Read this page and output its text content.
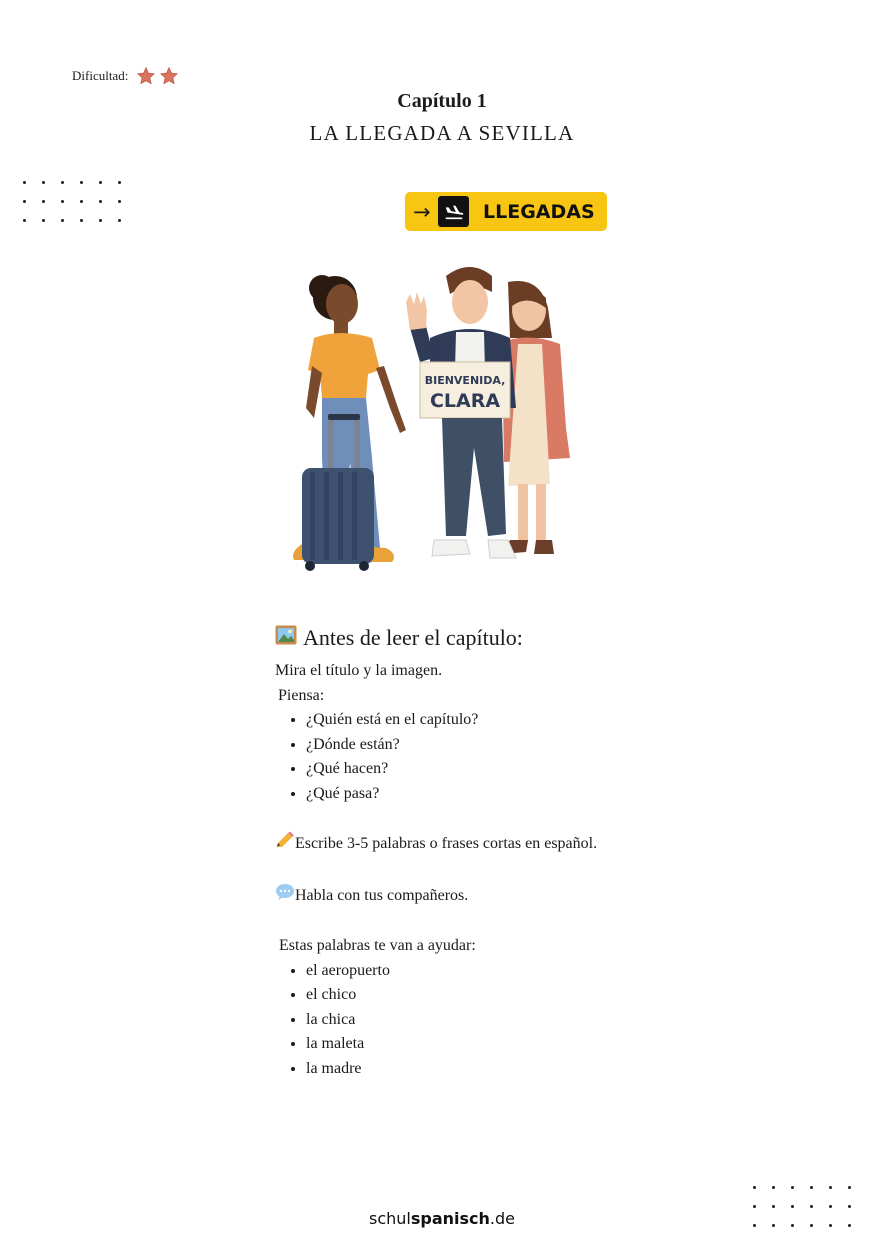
Dificultad:
Capítulo 1
LA LLEGADA A SEVILLA
→	LLEGADAS
BIENVENIDA,
CLARA
Antes de leer el capítulo:

Mira el título y la imagen.

Piensa:

• ¿Quién está en el capítulo?
• ¿Dónde están?
• ¿Qué hacen?
• ¿Qué pasa?

Escribe 3-5 palabras o frases cortas en español.

Habla con tus compañeros.

Estas palabras te van a ayudar:

• el aeropuerto
• el chico
• la chica
• la maleta
• la madre
schulspanisch.de
